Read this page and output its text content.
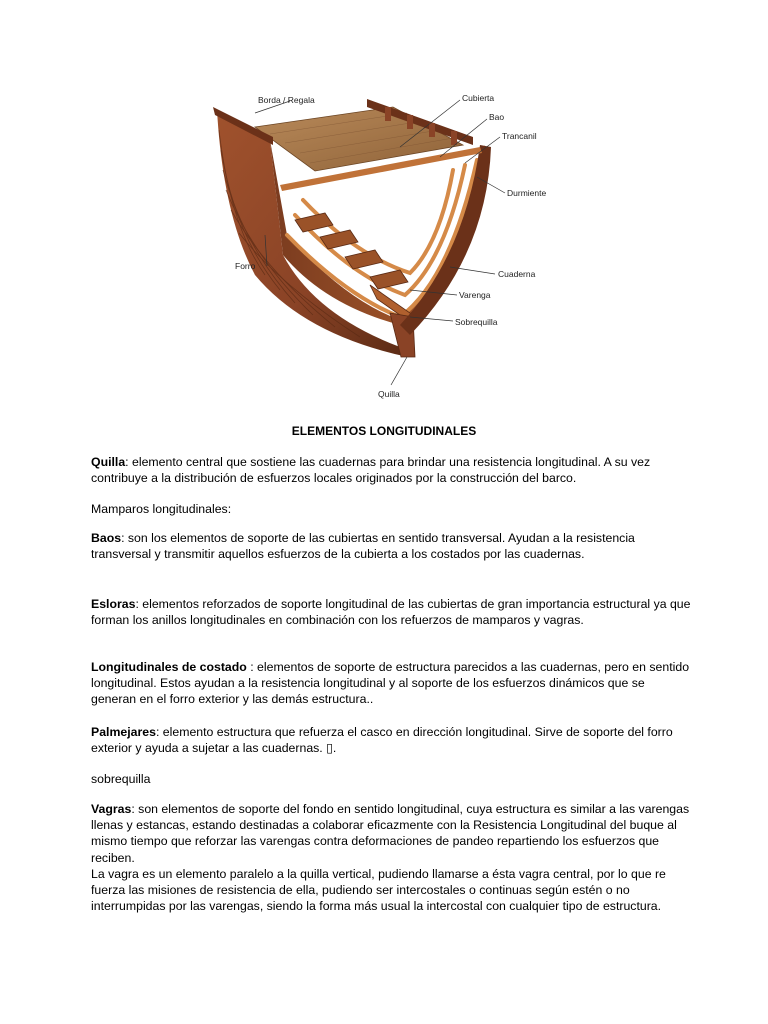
Borda / Regala	Cubierta
Bao
Trancanil
Durmiente
Forro
Cuaderna
Varenga
Sobrequilla
Quilla
ELEMENTOS LONGITUDINALES

Quilla: elemento central que sostiene las cuadernas para brindar una resistencia longitudinal. A su vez contribuye a la distribución de esfuerzos locales originados por la construcción del barco.

Mamparos longitudinales:

Baos: son los elementos de soporte de las cubiertas en sentido transversal. Ayudan a la resistencia transversal y transmitir aquellos esfuerzos de la cubierta a los costados por las cuadernas.

Esloras: elementos reforzados de soporte longitudinal de las cubiertas de gran importancia estructural ya que forman los anillos longitudinales en combinación con los refuerzos de mamparos y vagras.

Longitudinales de costado : elementos de soporte de estructura parecidos a las cuadernas, pero en sentido longitudinal. Estos ayudan a la resistencia longitudinal y al soporte de los esfuerzos dinámicos que se generan en el forro exterior y las demás estructura..

Palmejares: elemento estructura que refuerza el casco en dirección longitudinal. Sirve de soporte del forro exterior y ayuda a sujetar a las cuadernas. ▯.

sobrequilla

Vagras: son elementos de soporte del fondo en sentido longitudinal, cuya estructura es similar a las varengas llenas y estancas, estando destinadas a colaborar eficazmente con la Resistencia Longitudinal del buque al mismo tiempo que reforzar las varengas contra deformaciones de pandeo repartiendo los esfuerzos que reciben.

La vagra es un elemento paralelo a la quilla vertical, pudiendo llamarse a ésta vagra central, por lo que re fuerza las misiones de resistencia de ella, pudiendo ser intercostales o continuas según estén o no interrumpidas por las varengas, siendo la forma más usual la intercostal con cualquier tipo de estructura.
